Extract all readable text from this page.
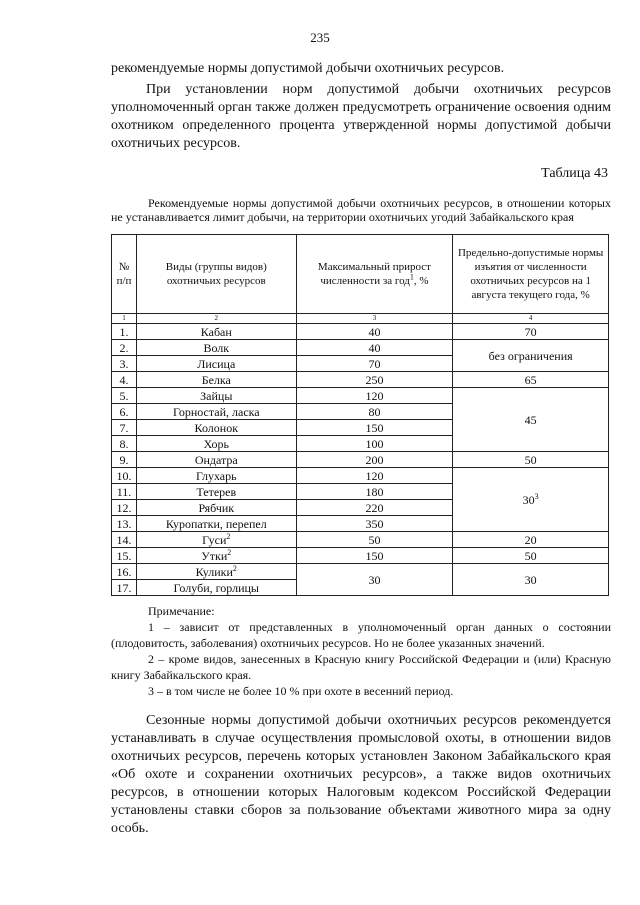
235
рекомендуемые нормы допустимой добычи охотничьих ресурсов.
При установлении норм допустимой добычи охотничьих ресурсов уполномоченный орган также должен предусмотреть ограничение освоения одним охотником определенного процента утвержденной нормы допустимой добычи охотничьих ресурсов.
Таблица 43
Рекомендуемые нормы допустимой добычи охотничьих ресурсов, в отношении которых не устанавливается лимит добычи, на территории охотничьих угодий Забайкальского края
№ п/п	Виды (группы видов) охотничьих ресурсов	Максимальный прирост численности за год$^1$, %	Предельно-допустимые нормы изъятия от численности охотничьих ресурсов на 1 августа текущего года, %
1	2	3	4
1.	Кабан	40	70
2.	Волк	40	без ограничения
3.	Лисица	70	
4.	Белка	250	65
5.	Зайцы	120	45
6.	Горностай, ласка	80	
7.	Колонок	150	
8.	Хорь	100	
9.	Ондатра	200	50
10.	Глухарь	120	$30^3$
11.	Тетерев	180	
12.	Рябчик	220	
13.	Куропатки, перепел	350	
14.	Гуси$^2$	50	20
15.	Утки$^2$	150	50
16.	Кулики$^2$	30	30
17.	Голуби, горлицы		

Примечание:

1 – зависит от представленных в уполномоченный орган данных о состоянии (плодовитость, заболевания) охотничьих ресурсов. Но не более указанных значений.

2 – кроме видов, занесенных в Красную книгу Российской Федерации и (или) Красную книгу Забайкальского края.

3 – в том числе не более 10 % при охоте в весенний период.

Сезонные нормы допустимой добычи охотничьих ресурсов рекомендуется устанавливать в случае осуществления промысловой охоты, в отношении видов охотничьих ресурсов, перечень которых установлен Законом Забайкальского края «Об охоте и сохранении охотничьих ресурсов», а также видов охотничьих ресурсов, в отношении которых Налоговым кодексом Российской Федерации установлены ставки сборов за пользование объектами животного мира за одну особь.
